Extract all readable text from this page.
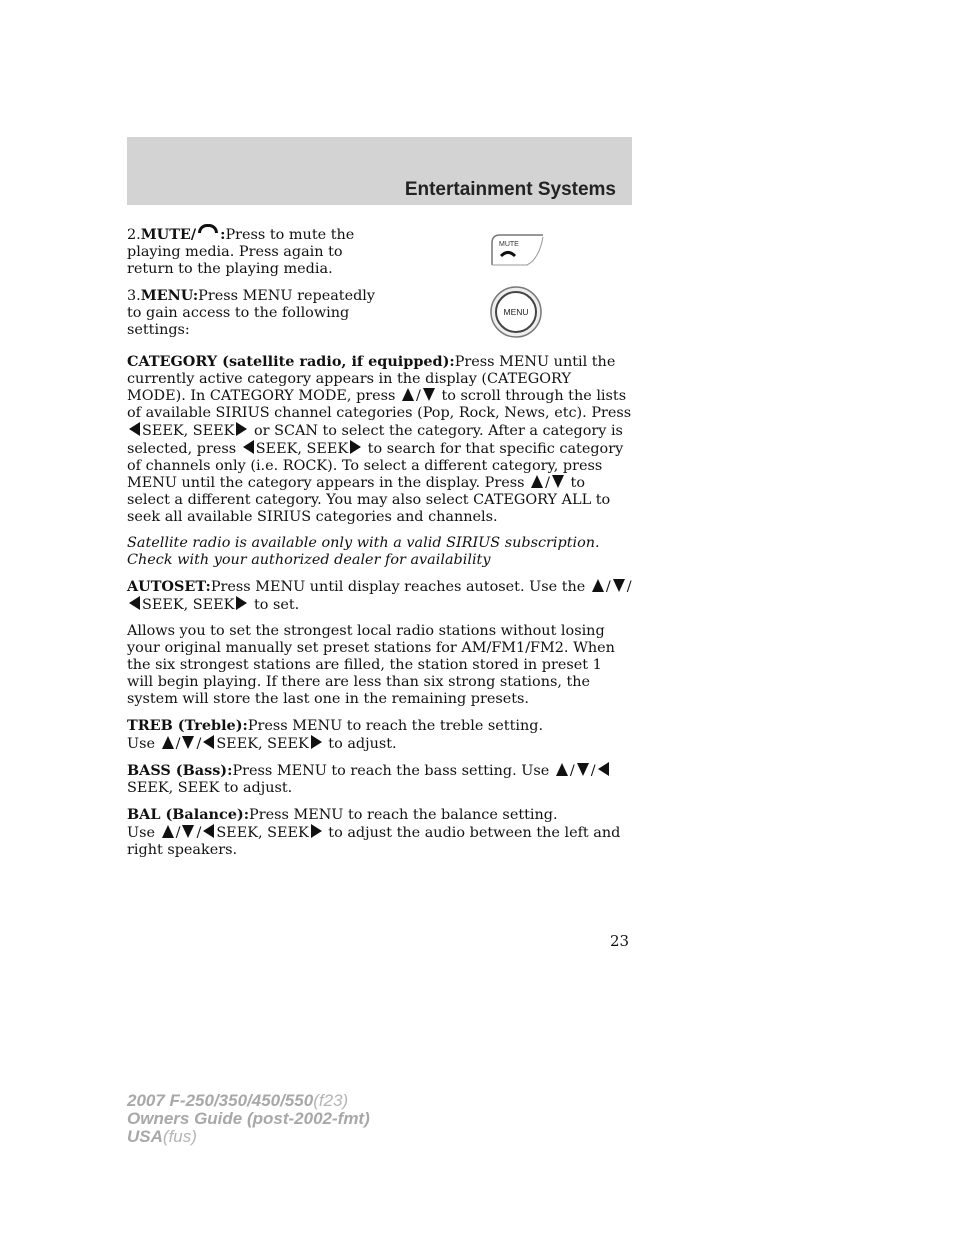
Entertainment Systems
MUTE
MENU

2.MUTE/ :Press to mute the playing media. Press again to return to the playing media.

3.MENU:Press MENU repeatedly to gain access to the following settings:

CATEGORY (satellite radio, if equipped):Press MENU until the currently active category appears in the display (CATEGORY MODE). In CATEGORY MODE, press / to scroll through the lists of available SIRIUS channel categories (Pop, Rock, News, etc). Press SEEK, SEEK or SCAN to select the category. After a category is selected, press SEEK, SEEK to search for that specific category of channels only (i.e. ROCK). To select a different category, press MENU until the category appears in the display. Press / to select a different category. You may also select CATEGORY ALL to seek all available SIRIUS categories and channels.

Satellite radio is available only with a valid SIRIUS subscription. Check with your authorized dealer for availability

AUTOSET:Press MENU until display reaches autoset. Use the / /SEEK, SEEK to set.

Allows you to set the strongest local radio stations without losing your original manually set preset stations for AM/FM1/FM2. When the six strongest stations are filled, the station stored in preset 1 will begin playing. If there are less than six strong stations, the system will store the last one in the remaining presets.

TREB (Treble):Press MENU to reach the treble setting.
Use / / SEEK, SEEK to adjust.

BASS (Bass):Press MENU to reach the bass setting. Use / /
SEEK, SEEK to adjust.

BAL (Balance):Press MENU to reach the balance setting.
Use / / SEEK, SEEK to adjust the audio between the left and right speakers.

23
2007 F-250/350/450/550(f23)
Owners Guide (post-2002-fmt)
USA(fus)
